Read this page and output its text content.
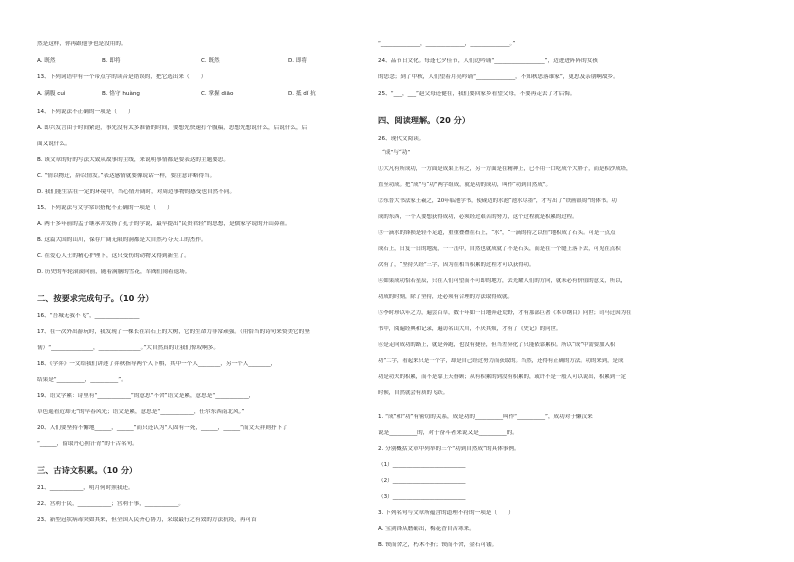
然是这样，你再跟他争也是没用的。
A. 既然	B. 即将	C. 既然	D. 即将
13、下列词语中有一个带点字的读音是错误的，把它选出来（　　）
A. 满腹 cuì	B. 恪守 huàng	C. 掌握 diāo	D. 抵 dǐ 抗
14、下列说法不正确的一项是（　　）
A. 即兴发言由于时间紧迫，事先没有太多准备的时间，要想先快速打个腹稿，思想先想说什么，后说什么，后
面又说什么。
B. 该文章的好的写法大致从故事的主线，来说明事情都是要表达的主题要思。
C. “情以物迁，辞以情发。”表达感情就要像说话一样，要注意详略得当。
D. 我们能生活在一定的环境中，当心情开阔时，对周边事物的感受也自然不同。
15、下列说法与文学常识搭配不正确的一项是（　　）
A. 两千多年前的孟子继承并发扬了孔子的学说，最早提出“民贵君轻”的思想，是儒家学说的开山鼻祖。
B. 这篇大国的山川，保存广阔无限的洞都是大自然巧夺天工的杰作。
C. 在爱心人士的精心护理下，这只受伤的动物又得到新生了。
D. 历史的车轮滚滚向前，随着满脑的雪花，军阀们闹着退场。
二、按要求完成句子。（10 分）
16、“吾城无我不飞”，________________
17、在一次外出游玩时，我发现了一棵长在岩石上的大树，它的生命力非常顽强。（用恰当的诗句来赞美它的坚
韧）“_______________，_______________。”大自然真的让我们惊叹啊多。
18、《学弈》一文给我们讲述了弈秋指导两个人下棋，其中一个人________，另一个人________，
结果是“__________，__________”。
19、语文学累：诗里有“____________”的意思“不舍”语文是累，意思是“____________，
草色遥看近却无”的早春风光；语文是累，意思是“____________，任尔东西南北风。”
20、人们要坚持不懈地______，______”而只还认为“人固有一死，______，______”而文天祥则抒下了
“______，留取丹心照汗青”的千古名句。
三、古诗文积累。（10 分）
21、____________，明月何时照我还。
22、宫利于民，____________；宫利于事，____________。
23、新型冠状病毒突如其来，但全国人民齐心协力，采取最行之有效的方法抗疫，再可首
“______________，______________，______________。”
24、品节日文化。每逢七夕佳节，人们边吟诵“__________________”，边进进阵阵的女孩
的思念；到了中秋，人们望着月亮吟诵“______________，不知秋思落谁家”，更思及亲朋啊故乡。
25、“___，___”赵父母还健在，我们要回家乡看望父母，不要再走去了才后悔。
四、阅读理解。（20 分）
26、现代文阅读。
“成”与“功”
①大凡有所成功，一方面是成果上有之，另一方面是在精神上，已不用一口吃成个大胖子，而是积沙成塔，
直至功成。把“成”与“功”两字组成，就是功的成功，叫作“功到自然成”。
②东晋大书法家王羲之，20年临池学书，使砚边的水池“池水尽墨”，才写出了“铁画银钩”的体书。功
成的东西，一个人要想获得成功，必须经过艰苦的努力，这个过程就是积累的过程。
③一滴水的锋损是轻不足道，重重叠叠在石上，“水”，“一滴的持之以恒”地积成了石头。可是一点点
成石上，日复一日的地流，一一击中，自然也就成就了不是石头，而是在一个缝上落下去，可见在点积
次有了，“坚持久经”三字，因为在相当积累的过程才可以获得功。
④如果成功恰若星辰，只在人们可望而不可即的地方，去光耀人们的方向，就未必有价值的意义，所以，
功成的时刻，除了坚持，还必须有合理的方法取得成就。
⑤李时珍以年之力，遍尝百草，数十年如一日地奔赴荒野，才有那部巨著《本草纲目》问世；司马迁因为在
书中，阅遍经典和记录，遍访名山大川，不厌其烦，才有了《史记》的问世。
⑥是走向成功的路上，就是奔跑，也没有捷径，但当差异化了只能依靠累积。所以“成”中需要加入积
功”二字，看起来只是一个字，却是自己经过努力而获取的。当然，还得有正确的方法。功的来到，是成
功是功夫的积累，而不是靠上天眷顾；从有积累的到没有积累的，或许不是一般人可以说出，积累到一定
时候，自然就会有质的飞跃。
1. “成”和“功”有密切的关系，成是功的__________叫作“__________”，成功对于懒汉来
说是__________的，对于奋斗者来说又是__________的。
2. 分别概括文章中列举的三个“功到自然成”的具体事例。
（1）__________________________
（2）__________________________
（3）__________________________
3. 下列名句与文章所蕴含的道理不符的一项是（　　）
A. 宝剑锋从磨砺出，梅花香自苦寒来。
B. 锲而舍之，朽木不折；锲而不舍，金石可镂。
